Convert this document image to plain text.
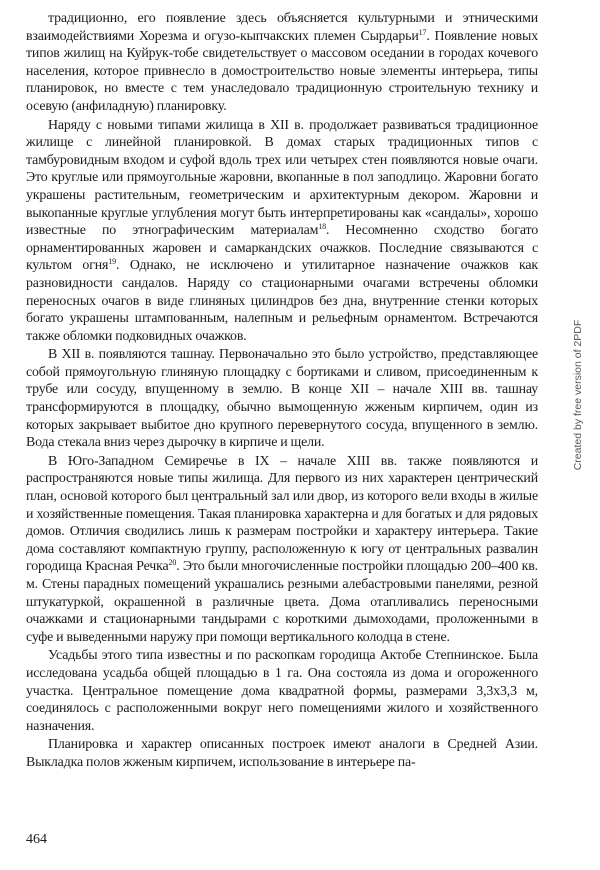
традиционно, его появление здесь объясняется культурными и этническими взаимодействиями Хорезма и огузо-кыпчакских племен Сырдарьи$^{17}$. Появление новых типов жилищ на Куйрук-тобе свидетельствует о массовом оседании в городах кочевого населения, которое привнесло в домостроительство новые элементы интерьера, типы планировок, но вместе с тем унаследовало традиционную строительную технику и осевую (анфиладную) планировку.

Наряду с новыми типами жилища в XII в. продолжает развиваться традиционное жилище с линейной планировкой. В домах старых традиционных типов с тамбуровидным входом и суфой вдоль трех или четырех стен появляются новые очаги. Это круглые или прямоугольные жаровни, вкопанные в пол заподлицо. Жаровни богато украшены растительным, геометрическим и архитектурным декором. Жаровни и выкопанные круглые углубления могут быть интерпретированы как «сандалы», хорошо известные по этнографическим материалам$^{18}$. Несомненно сходство богато орнаментированных жаровен и самаркандских очажков. Последние связываются с культом огня$^{19}$. Однако, не исключено и утилитарное назначение очажков как разновидности сандалов. Наряду со стационарными очагами встречены обломки переносных очагов в виде глиняных цилиндров без дна, внутренние стенки которых богато украшены штампованным, налепным и рельефным орнаментом. Встречаются также обломки подковидных очажков.

В XII в. появляются ташнау. Первоначально это было устройство, представляющее собой прямоугольную глиняную площадку с бортиками и сливом, присоединенным к трубе или сосуду, впущенному в землю. В конце XII – начале XIII вв. ташнау трансформируются в площадку, обычно вымощенную жженым кирпичем, один из которых закрывает выбитое дно крупного перевернутого сосуда, впущенного в землю. Вода стекала вниз через дырочку в кирпиче и щели.

В Юго-Западном Семиречье в IX – начале XIII вв. также появляются и распространяются новые типы жилища. Для первого из них характерен центрический план, основой которого был центральный зал или двор, из которого вели входы в жилые и хозяйственные помещения. Такая планировка характерна и для богатых и для рядовых домов. Отличия сводились лишь к размерам постройки и характеру интерьера. Такие дома составляют компактную группу, расположенную к югу от центральных развалин городища Красная Речка$^{20}$. Это были многочисленные постройки площадью 200–400 кв. м. Стены парадных помещений украшались резными алебастровыми панелями, резной штукатуркой, окрашенной в различные цвета. Дома отапливались переносными очажками и стационарными тандырами с короткими дымоходами, проложенными в суфе и выведенными наружу при помощи вертикального колодца в стене.

Усадьбы этого типа известны и по раскопкам городища Актобе Степнинское. Была исследована усадьба общей площадью в 1 га. Она состояла из дома и огороженного участка. Центральное помещение дома квадратной формы, размерами 3,3х3,3 м, соединялось с расположенными вокруг него помещениями жилого и хозяйственного назначения.

Планировка и характер описанных построек имеют аналоги в Средней Азии. Выкладка полов жженым кирпичем, использование в интерьере па-

464
Created by free version of 2PDF
